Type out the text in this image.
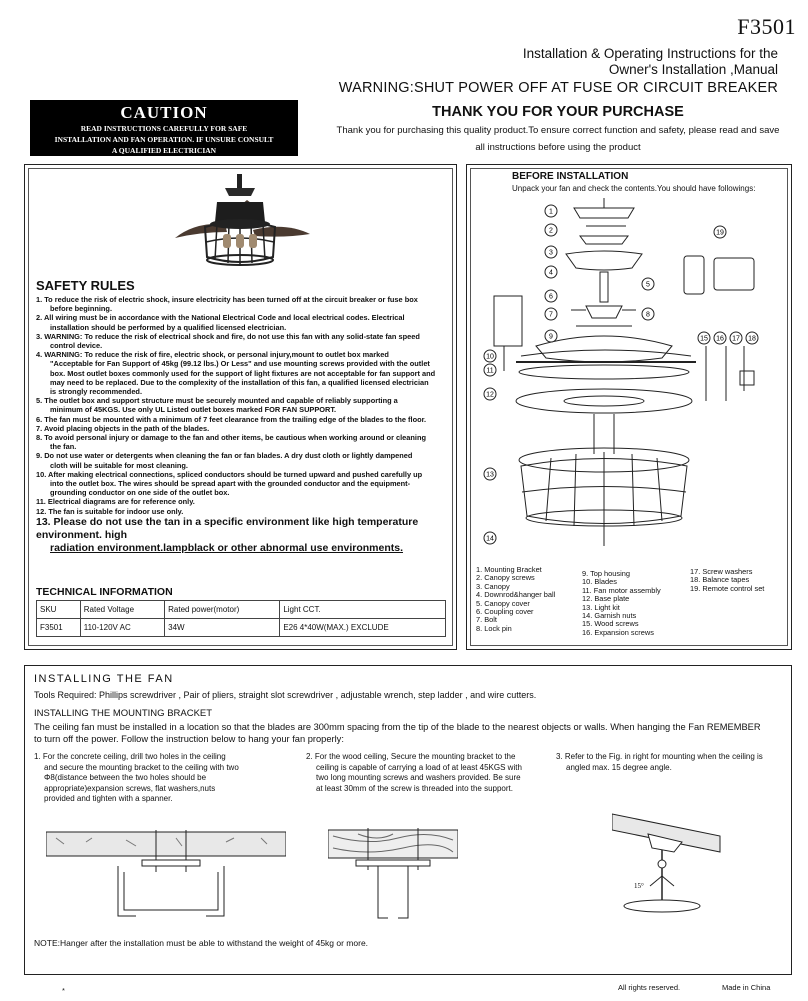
F3501
Installation & Operating Instructions for the
Owner's Installation ,Manual
WARNING:SHUT POWER OFF AT FUSE OR CIRCUIT BREAKER
CAUTION
READ INSTRUCTIONS CAREFULLY FOR SAFE
INSTALLATION AND FAN OPERATION. IF UNSURE CONSULT
A QUALIFIED ELECTRICIAN
THANK YOU FOR YOUR PURCHASE
Thank you for purchasing this quality product.To ensure correct function and safety, please read and save
all instructions before using the product
SAFETY RULES
1. To reduce the risk of electric shock, insure electricity has been turned off at the circuit breaker or fuse box
before beginning.
2. All wiring must be in accordance with the National Electrical Code and local electrical codes. Electrical
installation should be performed by a qualified licensed electrician.
3. WARNING: To reduce the risk of electrical shock and fire, do not use this fan with any solid-state fan speed
control device.
4. WARNING: To reduce the risk of fire, electric shock, or personal injury,mount to outlet box marked
"Acceptable for Fan Support of 45kg (99.12 lbs.) Or Less" and use mounting screws provided with the outlet
box. Most outlet boxes commonly used for the support of light fixtures are not acceptable for fan support and
may need to be replaced. Due to the complexity of the installation of this fan, a qualified licensed electrician
is strongly recommended.
5. The outlet box and support structure must be securely mounted and capable of reliably supporting a
minimum of 45KGS. Use only UL Listed outlet boxes marked FOR FAN SUPPORT.
6. The fan must be mounted with a minimum of 7 feet clearance from the trailing edge of the blades to the floor.
7. Avoid placing objects in the path of the blades.
8. To avoid personal injury or damage to the fan and other items, be cautious when working around or cleaning
the fan.
9. Do not use water or detergents when cleaning the fan or fan blades. A dry dust cloth or lightly dampened
cloth will be suitable for most cleaning.
10. After making electrical connections, spliced conductors should be turned upward and pushed carefully up
into the outlet box. The wires should be spread apart with the grounded conductor and the equipment-
grounding conductor on one side of the outlet box.
11. Electrical diagrams are for reference only.
12. The fan is suitable for indoor use only.
13. Please do not use the tan in a specific environment like high temperature environment. high
radiation environment.lampblack or other abnormal use environments.
TECHNICAL INFORMATION
SKU	Rated Voltage	Rated power(motor)	Light CCT.
F3501	110-120V AC	34W	E26 4*40W(MAX.) EXCLUDE
BEFORE INSTALLATION
Unpack your fan and check the contents.You should have followings:
1
2
3
4
5
6
7	8
9
10
11
12
13
14
15 16 17 18
19
1. Mounting Bracket
2. Canopy screws
3. Canopy
4. Downrod&hanger ball
5. Canopy cover
6. Coupling cover
7. Bolt
8. Lock pin
9. Top housing
10. Blades
11. Fan motor assembly
12. Base plate
13. Light kit
14. Garnish nuts
15. Wood screws
16. Expansion screws
17. Screw washers
18. Balance tapes
19. Remote control set
INSTALLING THE FAN
Tools Required: Phillips screwdriver , Pair of pliers, straight slot screwdriver , adjustable wrench, step ladder , and wire cutters.
INSTALLING THE MOUNTING BRACKET
The ceiling fan must be installed in a location so that the blades are 300mm spacing from the tip of the blade to the nearest objects or walls. When hanging the Fan REMEMBER
to turn off the power. Follow the instruction below to hang your fan properly:
1. For the concrete ceiling, drill two holes in the ceiling
and secure the mounting bracket to the ceiling with two
Φ8(distance between the two holes should be
appropriate)expansion screws, flat washers,nuts
provided and tighten with a spanner.
2. For the wood ceiling, Secure the mounting bracket to the
ceiling is capable of carrying a load of at least 45KGS with
two long mounting screws and washers provided. Be sure
at least 30mm of the screw is threaded into the support.
3. Refer to the Fig. in right for mounting when the ceiling is
angled max. 15 degree angle.
15°
NOTE:Hanger after the installation must be able to withstand the weight of 45kg or more.
*	All rights reserved.	Made in China
